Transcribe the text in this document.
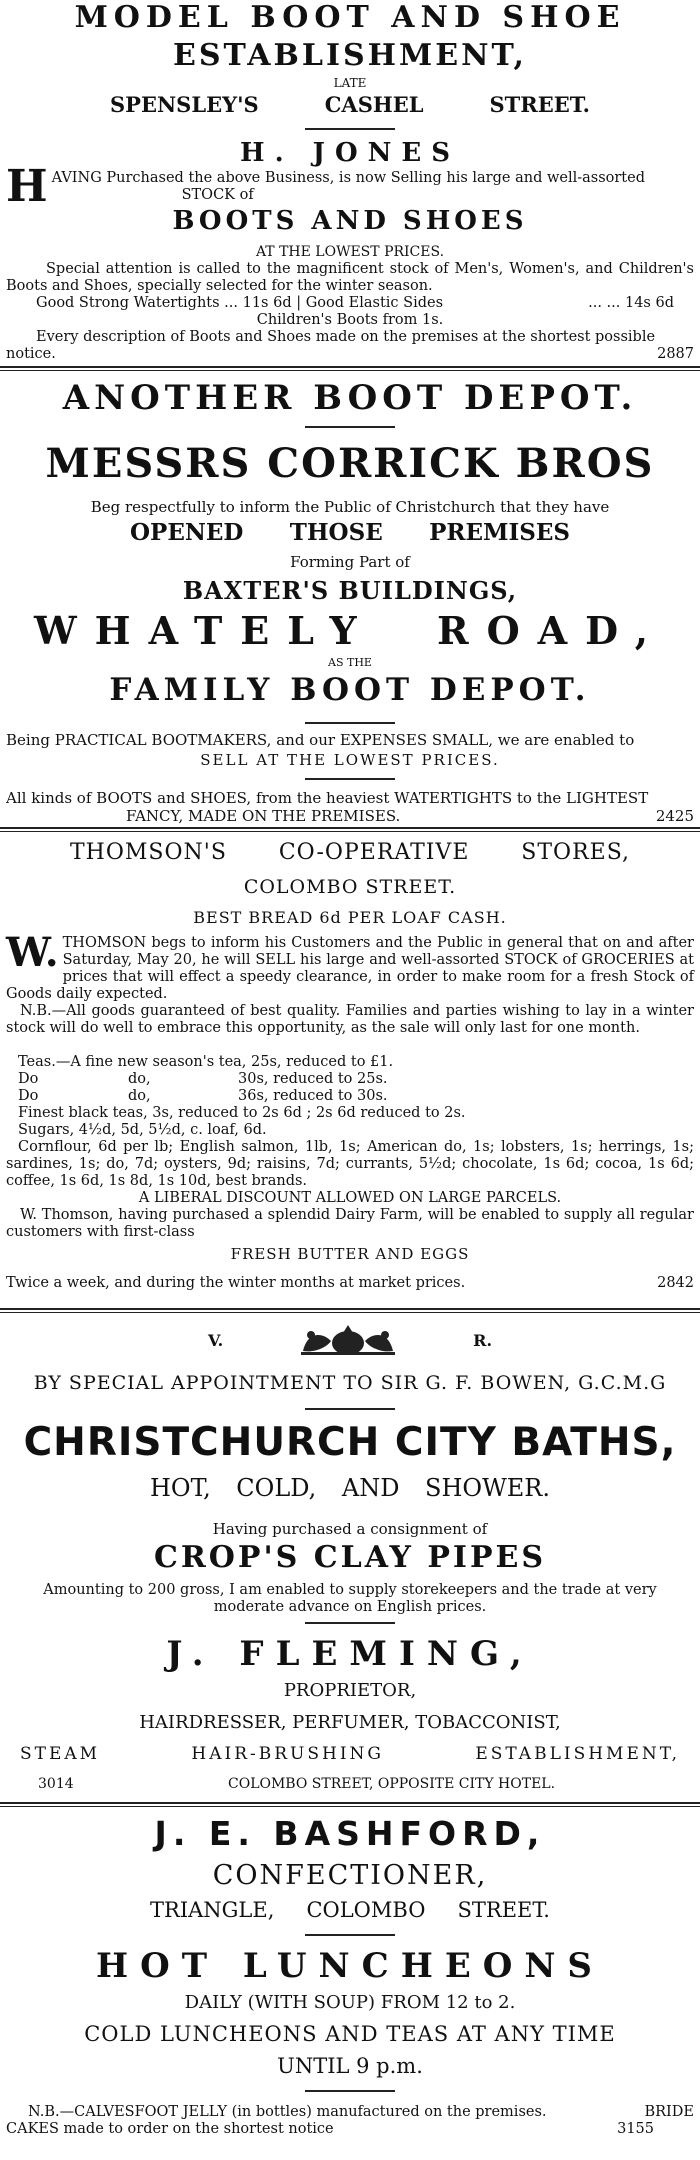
MODEL BOOT AND SHOE
ESTABLISHMENT,
LATE
SPENSLEY'S	CASHEL	STREET.
H. JONES
H AVING Purchased the above Business, is now Selling his large and well-assorted
STOCK of
BOOTS AND SHOES
AT THE LOWEST PRICES.
Special attention is called to the magnificent stock of Men's, Women's, and Children's Boots and Shoes, specially selected for the winter season.
Good Strong Watertights ... 11s 6d | Good Elastic Sides	... ... 14s 6d
Children's Boots from 1s.
Every description of Boots and Shoes made on the premises at the shortest possible
notice.	2887
ANOTHER BOOT DEPOT.
MESSRS CORRICK BROS
Beg respectfully to inform the Public of Christchurch that they have
OPENED THOSE PREMISES
Forming Part of
BAXTER'S BUILDINGS,
WHATELY ROAD,
AS THE
FAMILY BOOT DEPOT.
Being PRACTICAL BOOTMAKERS, and our EXPENSES SMALL, we are enabled to
SELL AT THE LOWEST PRICES.
All kinds of BOOTS and SHOES, from the heaviest WATERTIGHTS to the LIGHTEST
FANCY, MADE ON THE PREMISES.	2425
THOMSON'S CO-OPERATIVE STORES,
COLOMBO STREET.
BEST BREAD 6d PER LOAF CASH.
W. THOMSON begs to inform his Customers and the Public in general that on and after Saturday, May 20, he will SELL his large and well-assorted STOCK of GROCERIES at prices that will effect a speedy clearance, in order to make room for a fresh Stock of Goods daily expected.
N.B.—All goods guaranteed of best quality. Families and parties wishing to lay in a winter stock will do well to embrace this opportunity, as the sale will only last for one month.
Teas.—A fine new season's tea, 25s, reduced to £1.
Do	do,	30s, reduced to 25s.
Do	do,	36s, reduced to 30s.
Finest black teas, 3s, reduced to 2s 6d ; 2s 6d reduced to 2s.
Sugars, 4½d, 5d, 5½d, c. loaf, 6d.
Cornflour, 6d per lb; English salmon, 1lb, 1s; American do, 1s; lobsters, 1s; herrings, 1s; sardines, 1s; do, 7d; oysters, 9d; raisins, 7d; currants, 5½d; chocolate, 1s 6d; cocoa, 1s 6d; coffee, 1s 6d, 1s 8d, 1s 10d, best brands.
A LIBERAL DISCOUNT ALLOWED ON LARGE PARCELS.
W. Thomson, having purchased a splendid Dairy Farm, will be enabled to supply all regular customers with first-class
FRESH BUTTER AND EGGS
Twice a week, and during the winter months at market prices.	2842
V.	R.
BY SPECIAL APPOINTMENT TO SIR G. F. BOWEN, G.C.M.G
CHRISTCHURCH CITY BATHS,
HOT, COLD, AND SHOWER.
Having purchased a consignment of
CROP'S CLAY PIPES
Amounting to 200 gross, I am enabled to supply storekeepers and the trade at very moderate advance on English prices.
J. FLEMING,
PROPRIETOR,
HAIRDRESSER, PERFUMER, TOBACCONIST,
STEAM	HAIR-BRUSHING	ESTABLISHMENT,
3014	COLOMBO STREET, OPPOSITE CITY HOTEL.
J. E. BASHFORD,
CONFECTIONER,
TRIANGLE, COLOMBO STREET.
HOT LUNCHEONS
DAILY (WITH SOUP) FROM 12 to 2.
COLD LUNCHEONS AND TEAS AT ANY TIME
UNTIL 9 p.m.
N.B.—CALVESFOOT JELLY (in bottles) manufactured on the premises.	BRIDE
CAKES made to order on the shortest notice	3155
